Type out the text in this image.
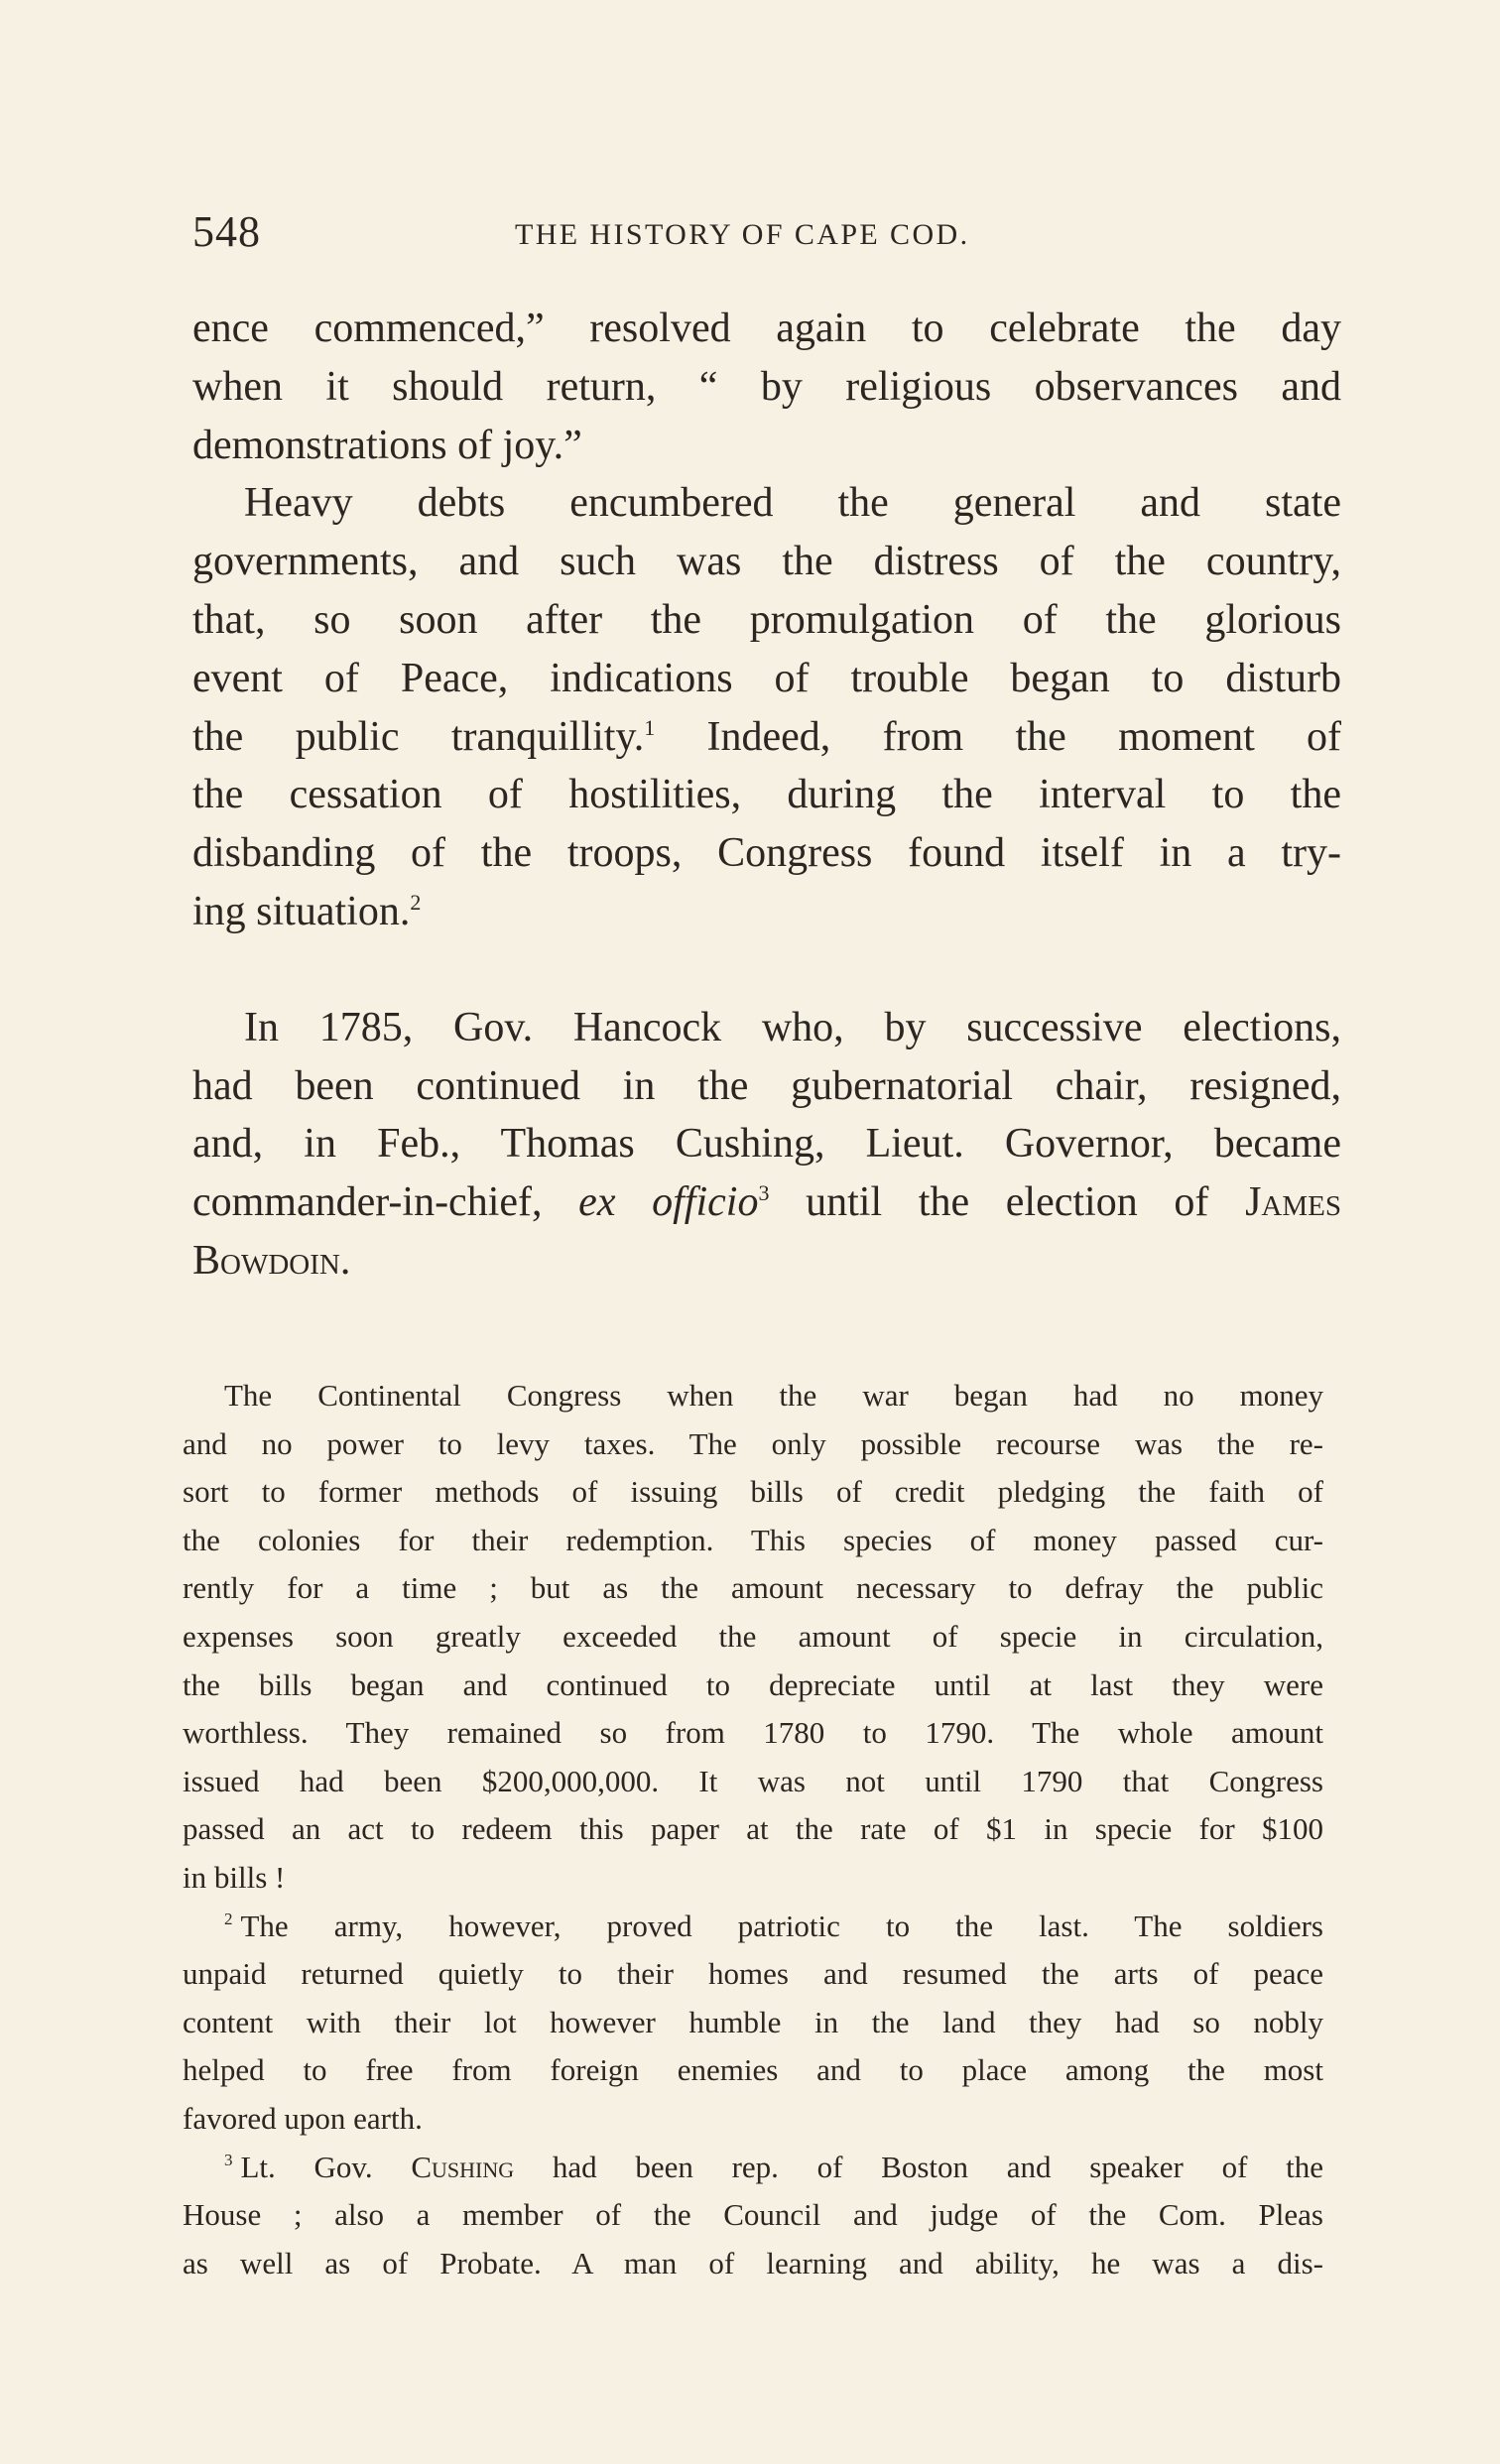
548	THE HISTORY OF CAPE COD.
ence commenced,” resolved again to celebrate the day
when it should return, “ by religious observances and
demonstrations of joy.”
Heavy debts encumbered the general and state
governments, and such was the distress of the country,
that, so soon after the promulgation of the glorious
event of Peace, indications of trouble began to disturb
the public tranquillity.$^1$ Indeed, from the moment of
the cessation of hostilities, during the interval to the
disbanding of the troops, Congress found itself in a try-
ing situation.$^2$
In 1785, Gov. Hancock who, by successive elections,
had been continued in the gubernatorial chair, resigned,
and, in Feb., Thomas Cushing, Lieut. Governor, became
commander-in-chief, ex officio$^3$ until the election of James
Bowdoin.
The Continental Congress when the war began had no money
and no power to levy taxes. The only possible recourse was the re-
sort to former methods of issuing bills of credit pledging the faith of
the colonies for their redemption. This species of money passed cur-
rently for a time ; but as the amount necessary to defray the public
expenses soon greatly exceeded the amount of specie in circulation,
the bills began and continued to depreciate until at last they were
worthless. They remained so from 1780 to 1790. The whole amount
issued had been $200,000,000. It was not until 1790 that Congress
passed an act to redeem this paper at the rate of $1 in specie for $100
in bills !
$^2$ The army, however, proved patriotic to the last. The soldiers
unpaid returned quietly to their homes and resumed the arts of peace
content with their lot however humble in the land they had so nobly
helped to free from foreign enemies and to place among the most
favored upon earth.
$^3$ Lt. Gov. Cushing had been rep. of Boston and speaker of the
House ; also a member of the Council and judge of the Com. Pleas
as well as of Probate. A man of learning and ability, he was a dis-
